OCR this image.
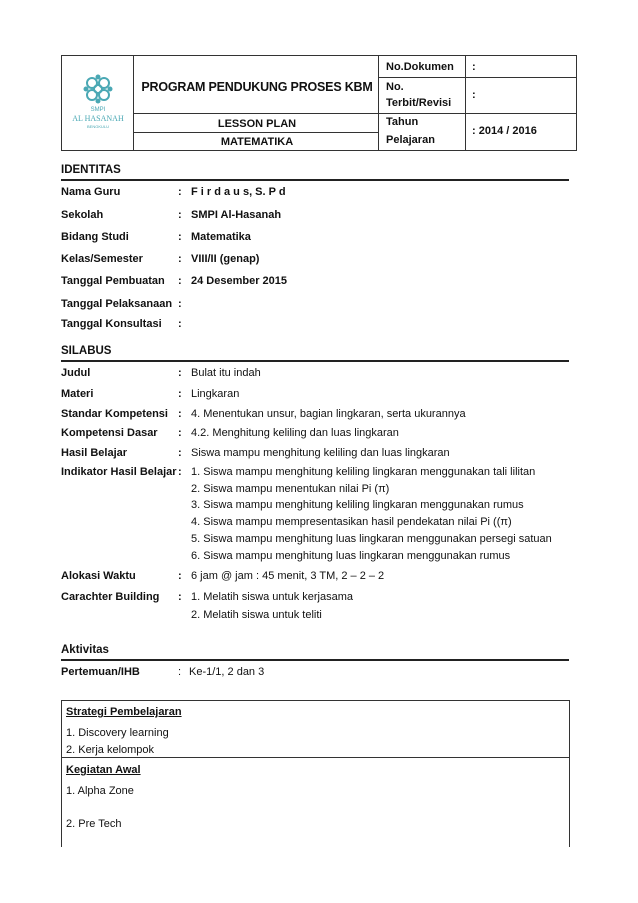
SMPI
AL HASANAH
BENGKULU
PROGRAM PENDUKUNG PROSES KBM
LESSON PLAN
MATEMATIKA
No.Dokumen :
No.
Terbit/Revisi
:
Tahun
Pelajaran
: 2014 / 2016
IDENTITAS
Nama Guru	: F i r d a u s, S. P d
Sekolah	: SMPI Al-Hasanah
Bidang Studi	: Matematika
Kelas/Semester	: VIII/II (genap)
Tanggal Pembuatan : 24 Desember 2015
Tanggal Pelaksanaan :
Tanggal Konsultasi :
SILABUS
Judul	: Bulat itu indah
Materi	: Lingkaran
Standar Kompetensi : 4. Menentukan unsur, bagian lingkaran, serta ukurannya
Kompetensi Dasar : 4.2. Menghitung keliling dan luas lingkaran
Hasil Belajar	: Siswa mampu menghitung keliling dan luas lingkaran
Indikator Hasil Belajar : 1. Siswa mampu menghitung keliling lingkaran menggunakan tali lilitan
2. Siswa mampu menentukan nilai Pi (π)
3. Siswa mampu menghitung keliling lingkaran menggunakan rumus
4. Siswa mampu mempresentasikan hasil pendekatan nilai Pi ((π)
5. Siswa mampu menghitung luas lingkaran menggunakan persegi satuan
6. Siswa mampu menghitung luas lingkaran menggunakan rumus
Alokasi Waktu	: 6 jam @ jam : 45 menit, 3 TM, 2 – 2 – 2
Carachter Building : 1. Melatih siswa untuk kerjasama
2. Melatih siswa untuk teliti
Aktivitas
Pertemuan/IHB	: Ke-1/1, 2 dan 3
Strategi Pembelajaran
1. Discovery learning
2. Kerja kelompok
Kegiatan Awal
1. Alpha Zone
2. Pre Tech
